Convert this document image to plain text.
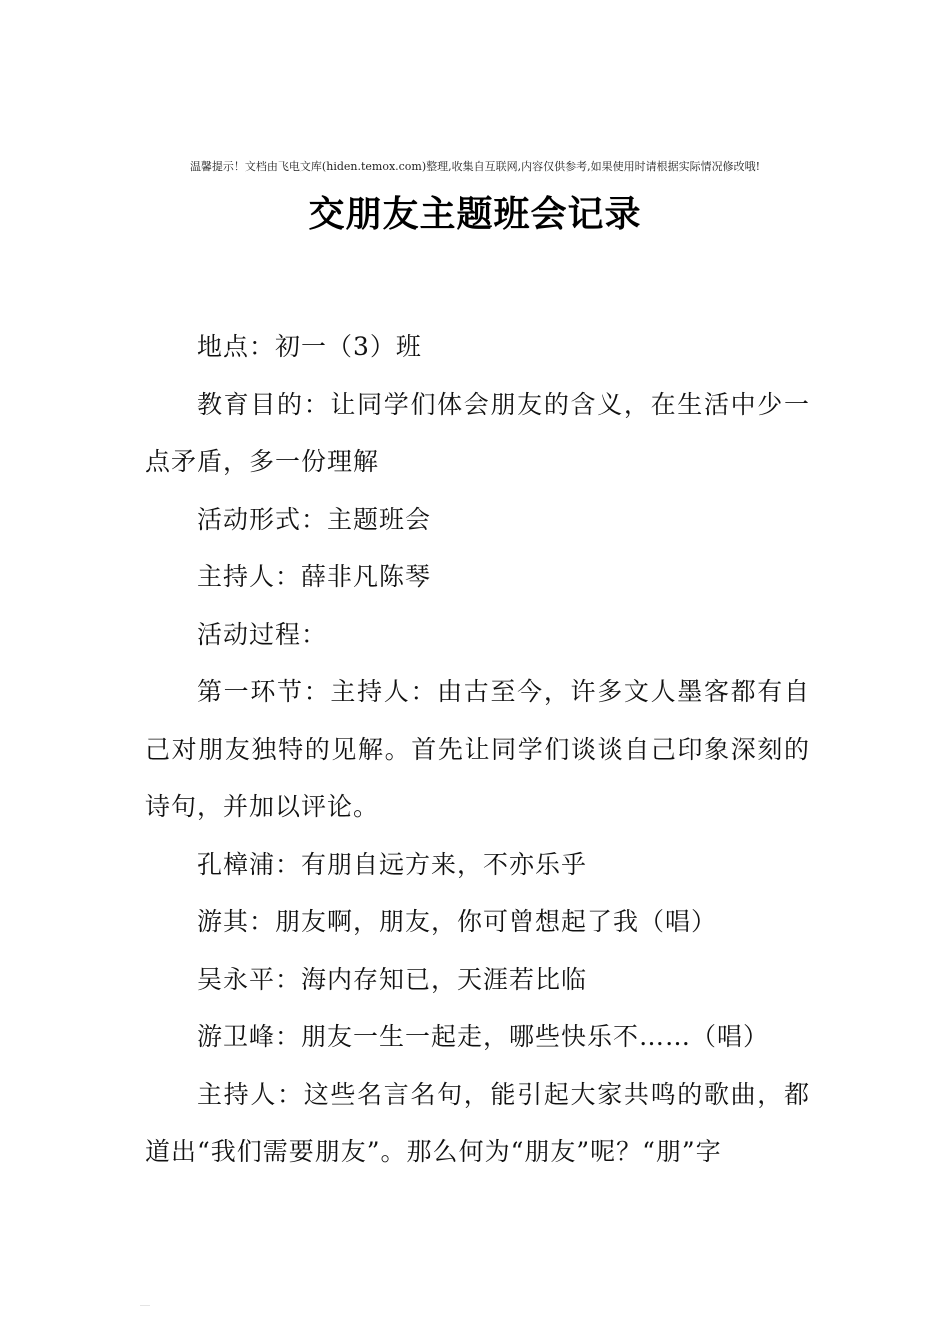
温馨提示！文档由飞电文库(hiden.temox.com)整理,收集自互联网,内容仅供参考,如果使用时请根据实际情况修改哦!
交朋友主题班会记录

地点：初一（3）班

教育目的：让同学们体会朋友的含义，在生活中少一点矛盾，多一份理解

活动形式：主题班会

主持人：薛非凡陈琴

活动过程：

第一环节：主持人：由古至今，许多文人墨客都有自己对朋友独特的见解。首先让同学们谈谈自己印象深刻的诗句，并加以评论。

孔樟浦：有朋自远方来，不亦乐乎

游其：朋友啊，朋友，你可曾想起了我（唱）

吴永平：海内存知已，天涯若比临

游卫峰：朋友一生一起走，哪些快乐不……（唱）

主持人：这些名言名句，能引起大家共鸣的歌曲，都道出“我们需要朋友”。那么何为“朋友”呢？“朋”字
